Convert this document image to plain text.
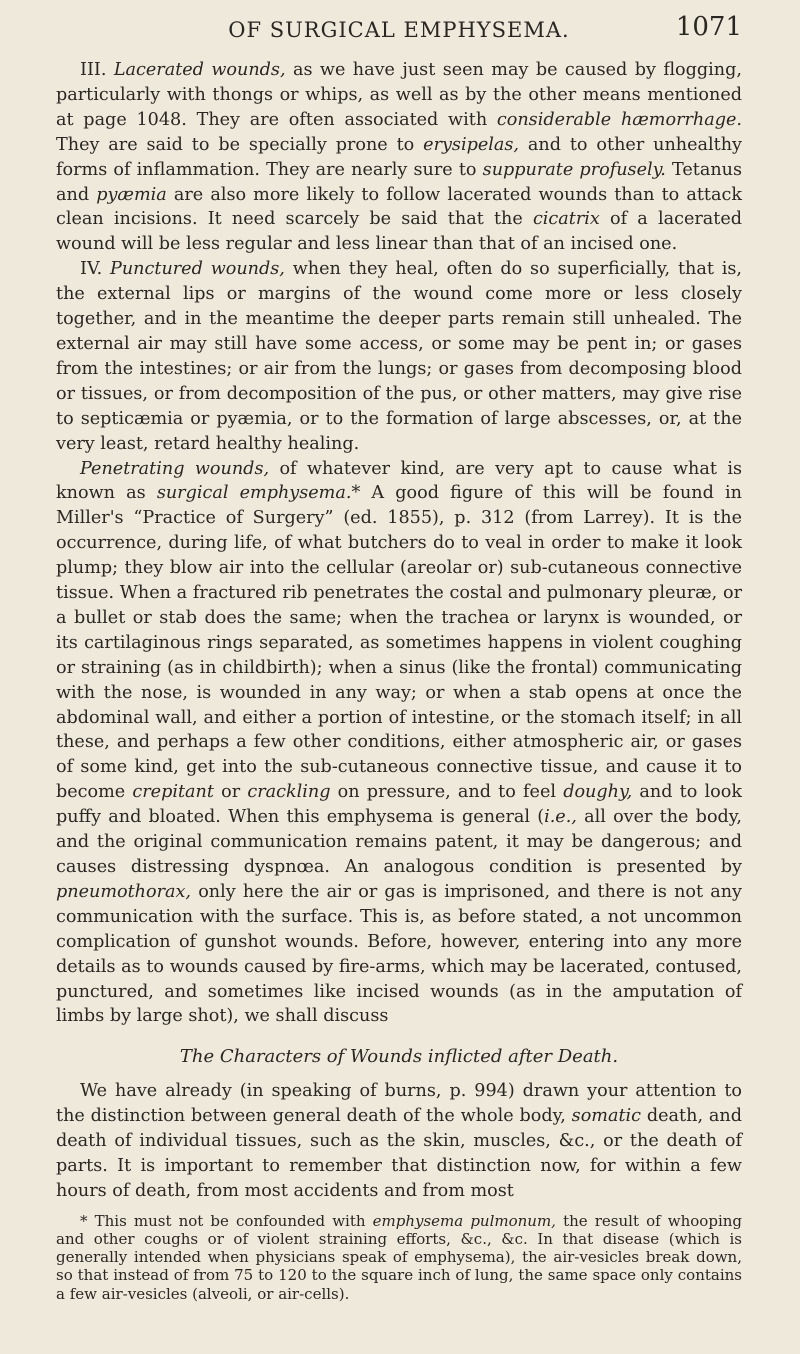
OF SURGICAL EMPHYSEMA.	1071

III. Lacerated wounds, as we have just seen may be caused by flogging, particularly with thongs or whips, as well as by the other means mentioned at page 1048. They are often associated with considerable hæmorrhage. They are said to be specially prone to erysipelas, and to other unhealthy forms of inflammation. They are nearly sure to suppurate profusely. Tetanus and pyæmia are also more likely to follow lacerated wounds than to attack clean incisions. It need scarcely be said that the cicatrix of a lacerated wound will be less regular and less linear than that of an incised one.

IV. Punctured wounds, when they heal, often do so superficially, that is, the external lips or margins of the wound come more or less closely together, and in the meantime the deeper parts remain still unhealed. The external air may still have some access, or some may be pent in; or gases from the intestines; or air from the lungs; or gases from decomposing blood or tissues, or from decomposition of the pus, or other matters, may give rise to septicæmia or pyæmia, or to the formation of large abscesses, or, at the very least, retard healthy healing.

Penetrating wounds, of whatever kind, are very apt to cause what is known as surgical emphysema.* A good figure of this will be found in Miller's “Practice of Surgery” (ed. 1855), p. 312 (from Larrey). It is the occurrence, during life, of what butchers do to veal in order to make it look plump; they blow air into the cellular (areolar or) sub-cutaneous connective tissue. When a fractured rib penetrates the costal and pulmonary pleuræ, or a bullet or stab does the same; when the trachea or larynx is wounded, or its cartilaginous rings separated, as sometimes happens in violent coughing or straining (as in childbirth); when a sinus (like the frontal) communicating with the nose, is wounded in any way; or when a stab opens at once the abdominal wall, and either a portion of intestine, or the stomach itself; in all these, and perhaps a few other conditions, either atmospheric air, or gases of some kind, get into the sub-cutaneous connective tissue, and cause it to become crepitant or crackling on pressure, and to feel doughy, and to look puffy and bloated. When this emphysema is general (i.e., all over the body, and the original communication remains patent, it may be dangerous; and causes distressing dyspnœa. An analogous condition is presented by pneumothorax, only here the air or gas is imprisoned, and there is not any communication with the surface. This is, as before stated, a not uncommon complication of gunshot wounds. Before, however, entering into any more details as to wounds caused by fire-arms, which may be lacerated, contused, punctured, and sometimes like incised wounds (as in the amputation of limbs by large shot), we shall discuss

The Characters of Wounds inflicted after Death.

We have already (in speaking of burns, p. 994) drawn your attention to the distinction between general death of the whole body, somatic death, and death of individual tissues, such as the skin, muscles, &c., or the death of parts. It is important to remember that distinction now, for within a few hours of death, from most accidents and from most

* This must not be confounded with emphysema pulmonum, the result of whooping and other coughs or of violent straining efforts, &c., &c. In that disease (which is generally intended when physicians speak of emphysema), the air-vesicles break down, so that instead of from 75 to 120 to the square inch of lung, the same space only contains a few air-vesicles (alveoli, or air-cells).
